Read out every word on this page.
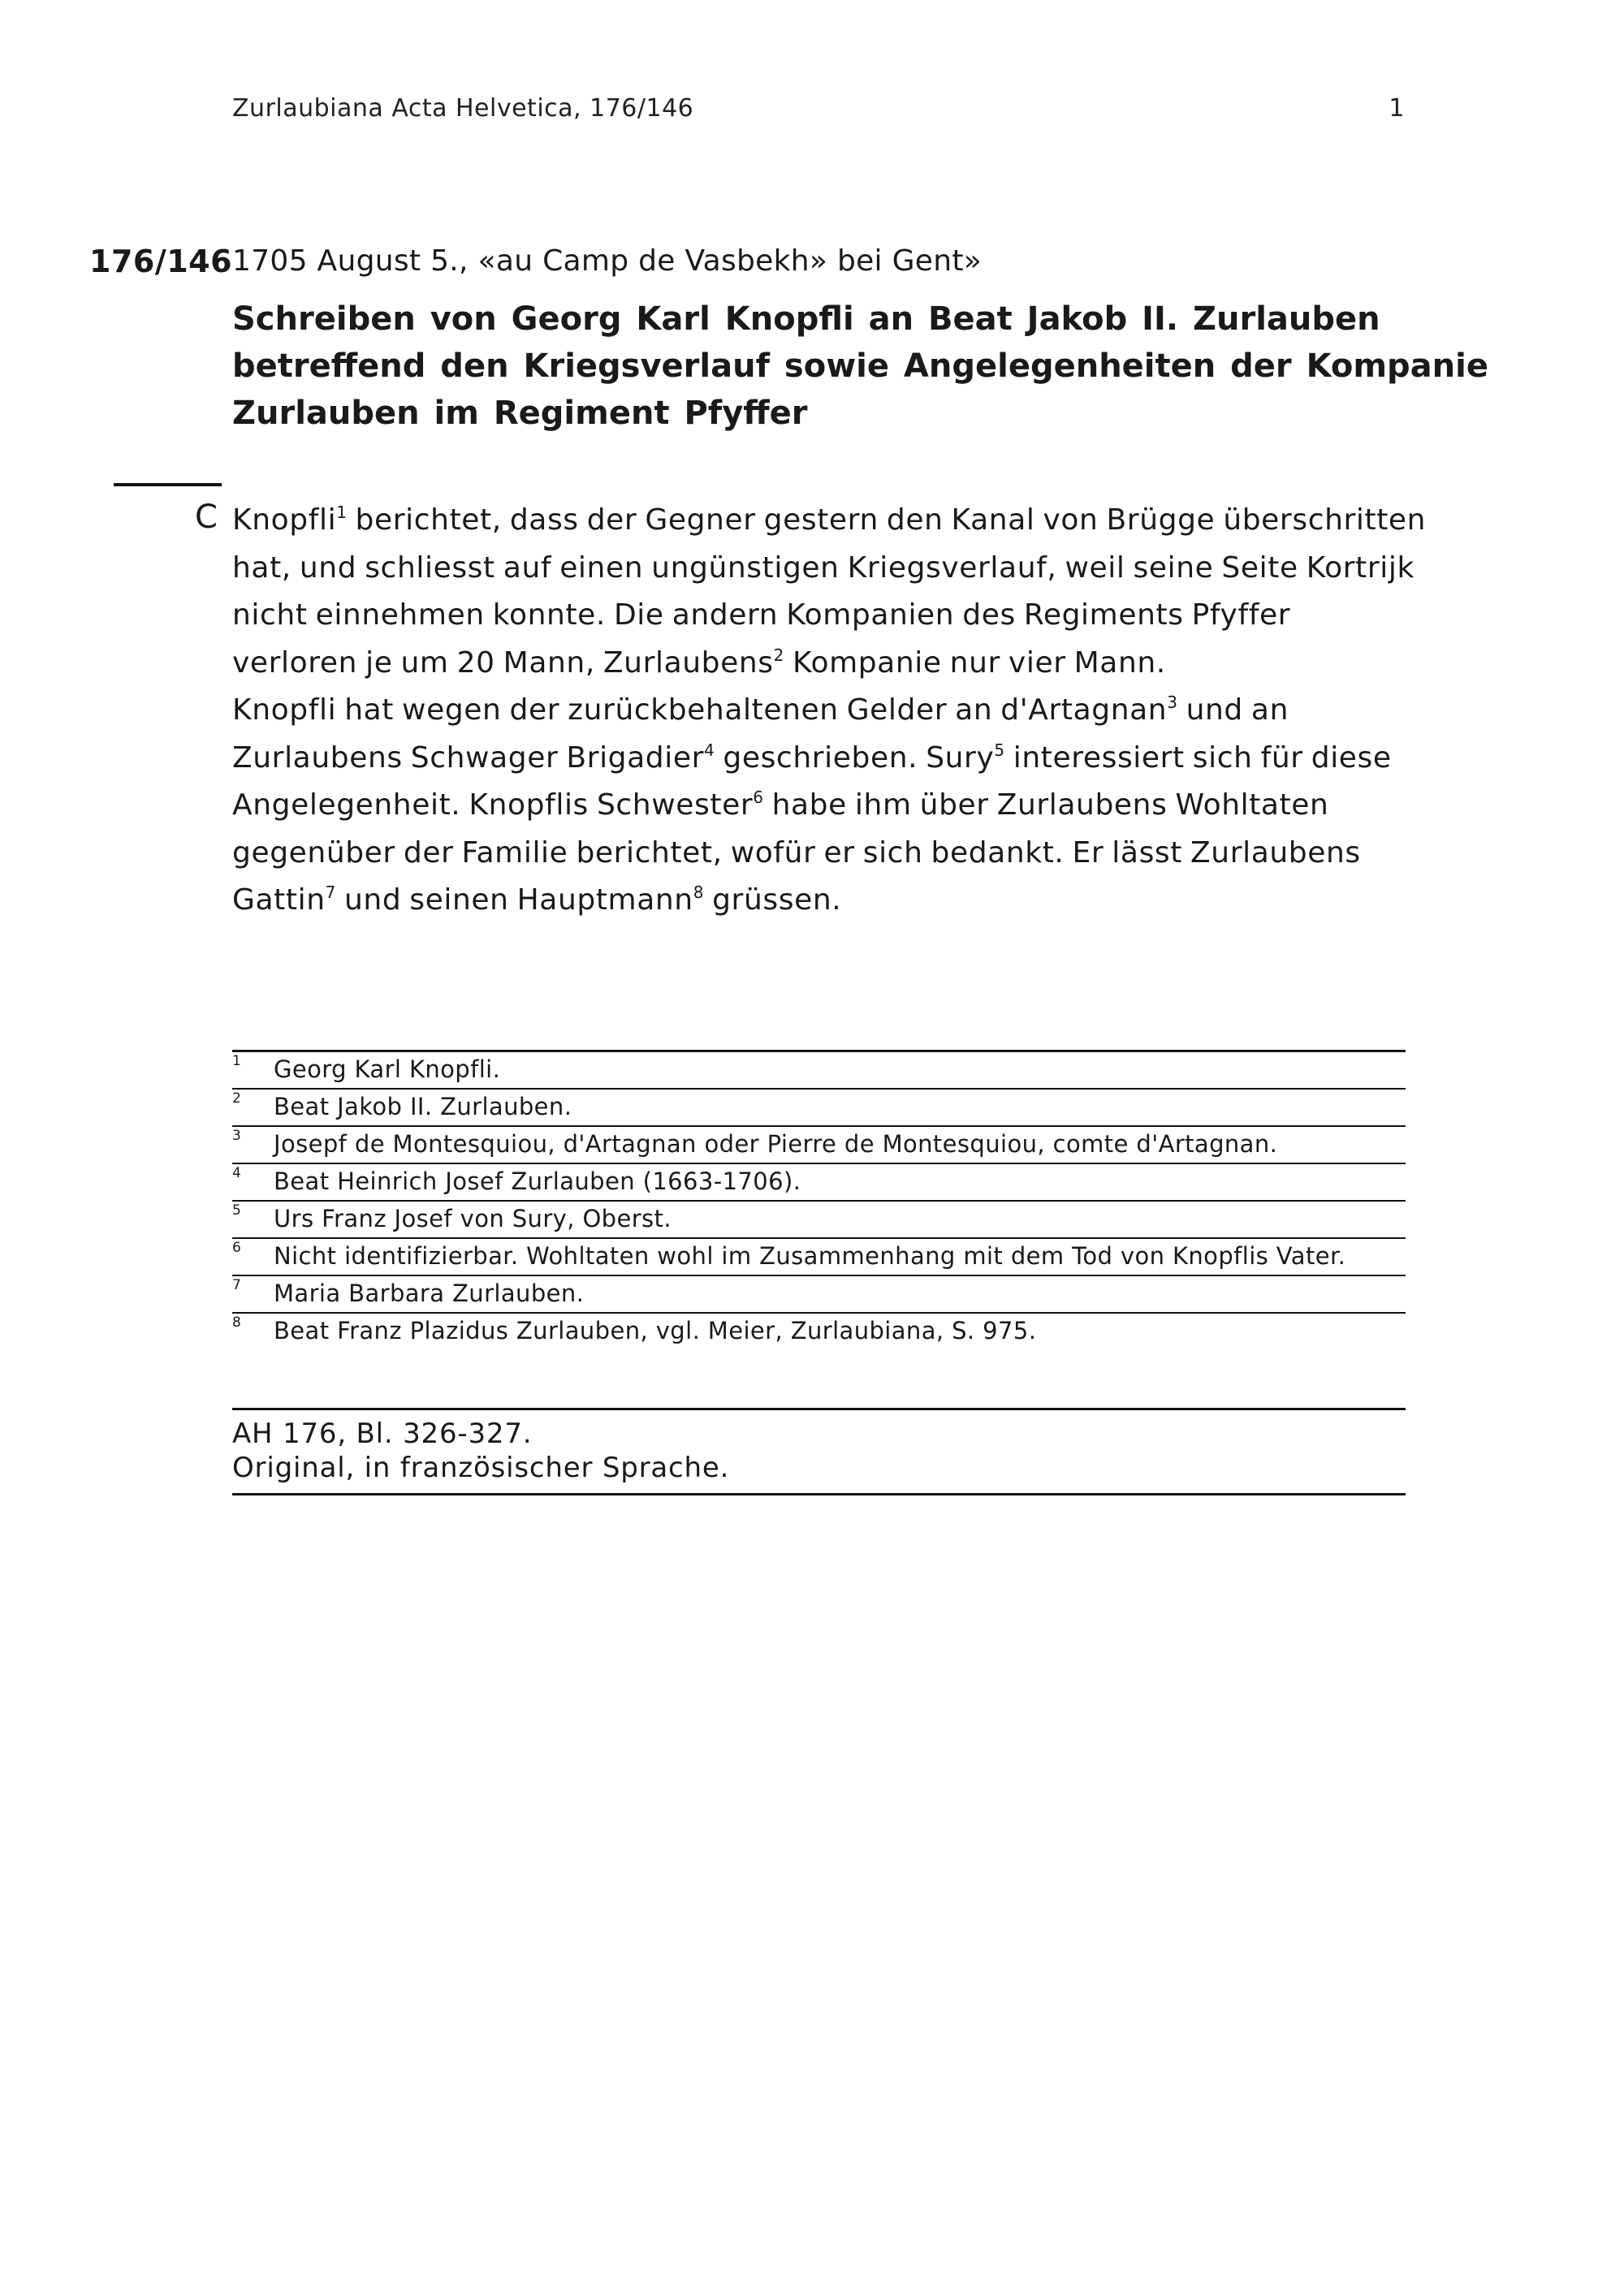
Zurlaubiana Acta Helvetica, 176/146	1
176/146 1705 August 5., «au Camp de Vasbekh» bei Gent»
Schreiben von Georg Karl Knopfli an Beat Jakob II. Zurlauben
betreffend den Kriegsverlauf sowie Angelegenheiten der Kompanie
Zurlauben im Regiment Pfyffer
C Knopfli$^1$ berichtet, dass der Gegner gestern den Kanal von Brügge überschritten
hat, und schliesst auf einen ungünstigen Kriegsverlauf, weil seine Seite Kortrijk
nicht einnehmen konnte. Die andern Kompanien des Regiments Pfyffer
verloren je um 20 Mann, Zurlaubens$^2$ Kompanie nur vier Mann.
Knopfli hat wegen der zurückbehaltenen Gelder an d'Artagnan$^3$ und an
Zurlaubens Schwager Brigadier$^4$ geschrieben. Sury$^5$ interessiert sich für diese
Angelegenheit. Knopflis Schwester$^6$ habe ihm über Zurlaubens Wohltaten
gegenüber der Familie berichtet, wofür er sich bedankt. Er lässt Zurlaubens
Gattin$^7$ und seinen Hauptmann$^8$ grüssen.
1 Georg Karl Knopfli.
2 Beat Jakob II. Zurlauben.
3 Josepf de Montesquiou, d'Artagnan oder Pierre de Montesquiou, comte d'Artagnan.
4 Beat Heinrich Josef Zurlauben (1663-1706).
5 Urs Franz Josef von Sury, Oberst.
6 Nicht identifizierbar. Wohltaten wohl im Zusammenhang mit dem Tod von Knopflis Vater.
7 Maria Barbara Zurlauben.
8 Beat Franz Plazidus Zurlauben, vgl. Meier, Zurlaubiana, S. 975.
AH 176, Bl. 326-327.
Original, in französischer Sprache.
